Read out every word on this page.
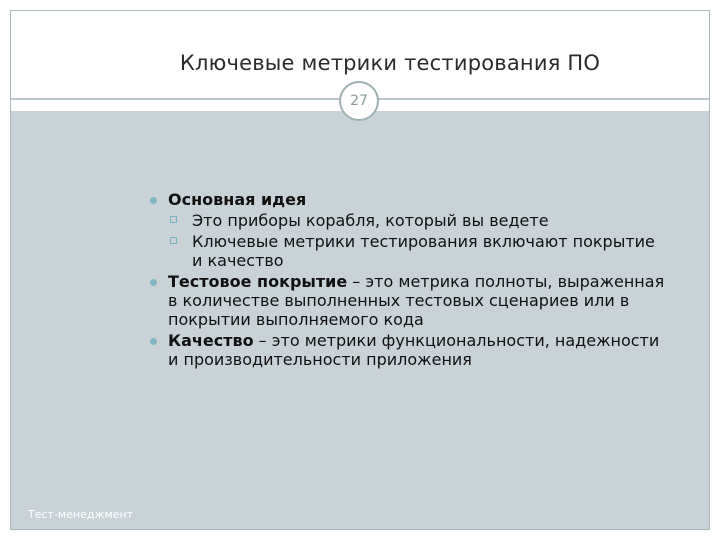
Ключевые метрики тестирования ПО
27
Основная идея
Это приборы корабля, который вы ведете
Ключевые метрики тестирования включают покрытие и качество
Тестовое покрытие – это метрика полноты, выраженная в количестве выполненных тестовых сценариев или в покрытии выполняемого кода
Качество – это метрики функциональности, надежности и производительности приложения
Тест-менеджмент
